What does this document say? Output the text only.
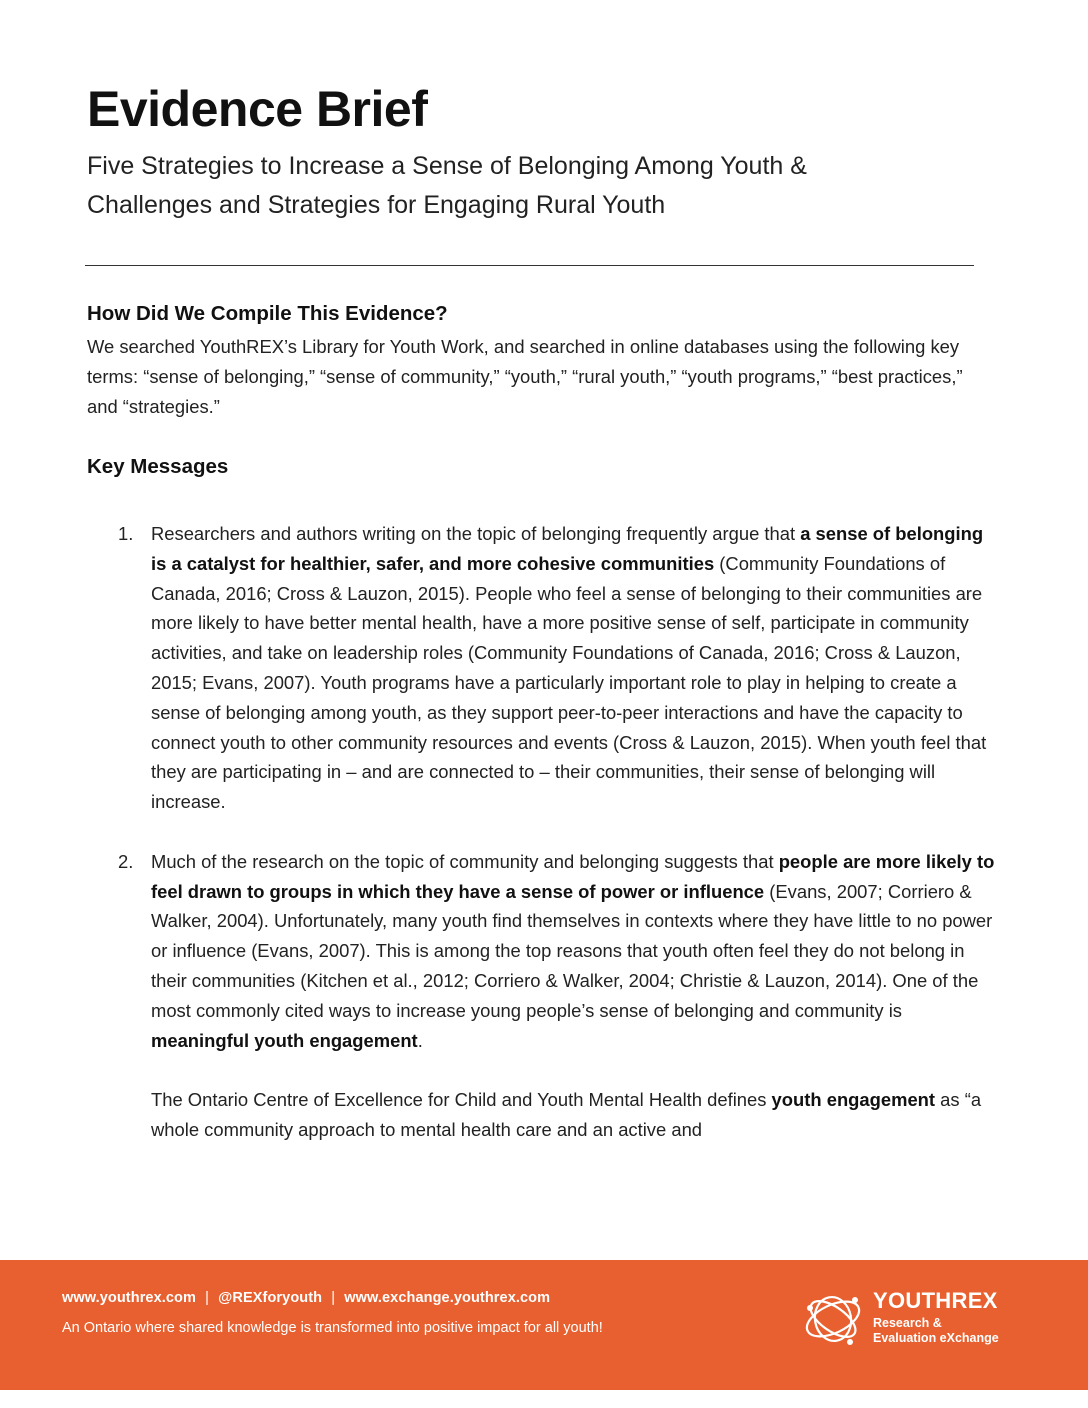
Evidence Brief
Five Strategies to Increase a Sense of Belonging Among Youth &
Challenges and Strategies for Engaging Rural Youth
How Did We Compile This Evidence?

We searched YouthREX’s Library for Youth Work, and searched in online databases using the following key terms: “sense of belonging,” “sense of community,” “youth,” “rural youth,” “youth programs,” “best practices,” and “strategies.”

Key Messages
1. Researchers and authors writing on the topic of belonging frequently argue that a sense of belonging is a catalyst for healthier, safer, and more cohesive communities (Community Foundations of Canada, 2016; Cross & Lauzon, 2015). People who feel a sense of belonging to their communities are more likely to have better mental health, have a more positive sense of self, participate in community activities, and take on leadership roles (Community Foundations of Canada, 2016; Cross & Lauzon, 2015; Evans, 2007). Youth programs have a particularly important role to play in helping to create a sense of belonging among youth, as they support peer-to-peer interactions and have the capacity to connect youth to other community resources and events (Cross & Lauzon, 2015). When youth feel that they are participating in – and are connected to – their communities, their sense of belonging will increase.

2. Much of the research on the topic of community and belonging suggests that people are more likely to feel drawn to groups in which they have a sense of power or influence (Evans, 2007; Corriero & Walker, 2004). Unfortunately, many youth find themselves in contexts where they have little to no power or influence (Evans, 2007). This is among the top reasons that youth often feel they do not belong in their communities (Kitchen et al., 2012; Corriero & Walker, 2004; Christie & Lauzon, 2014). One of the most commonly cited ways to increase young people’s sense of belonging and community is meaningful youth engagement.

The Ontario Centre of Excellence for Child and Youth Mental Health defines youth engagement as “a whole community approach to mental health care and an active and

www.youthrex.com | @REXforyouth | www.exchange.youthrex.com
An Ontario where shared knowledge is transformed into positive impact for all youth!
YOUTHREX
Research &
Evaluation eXchange
